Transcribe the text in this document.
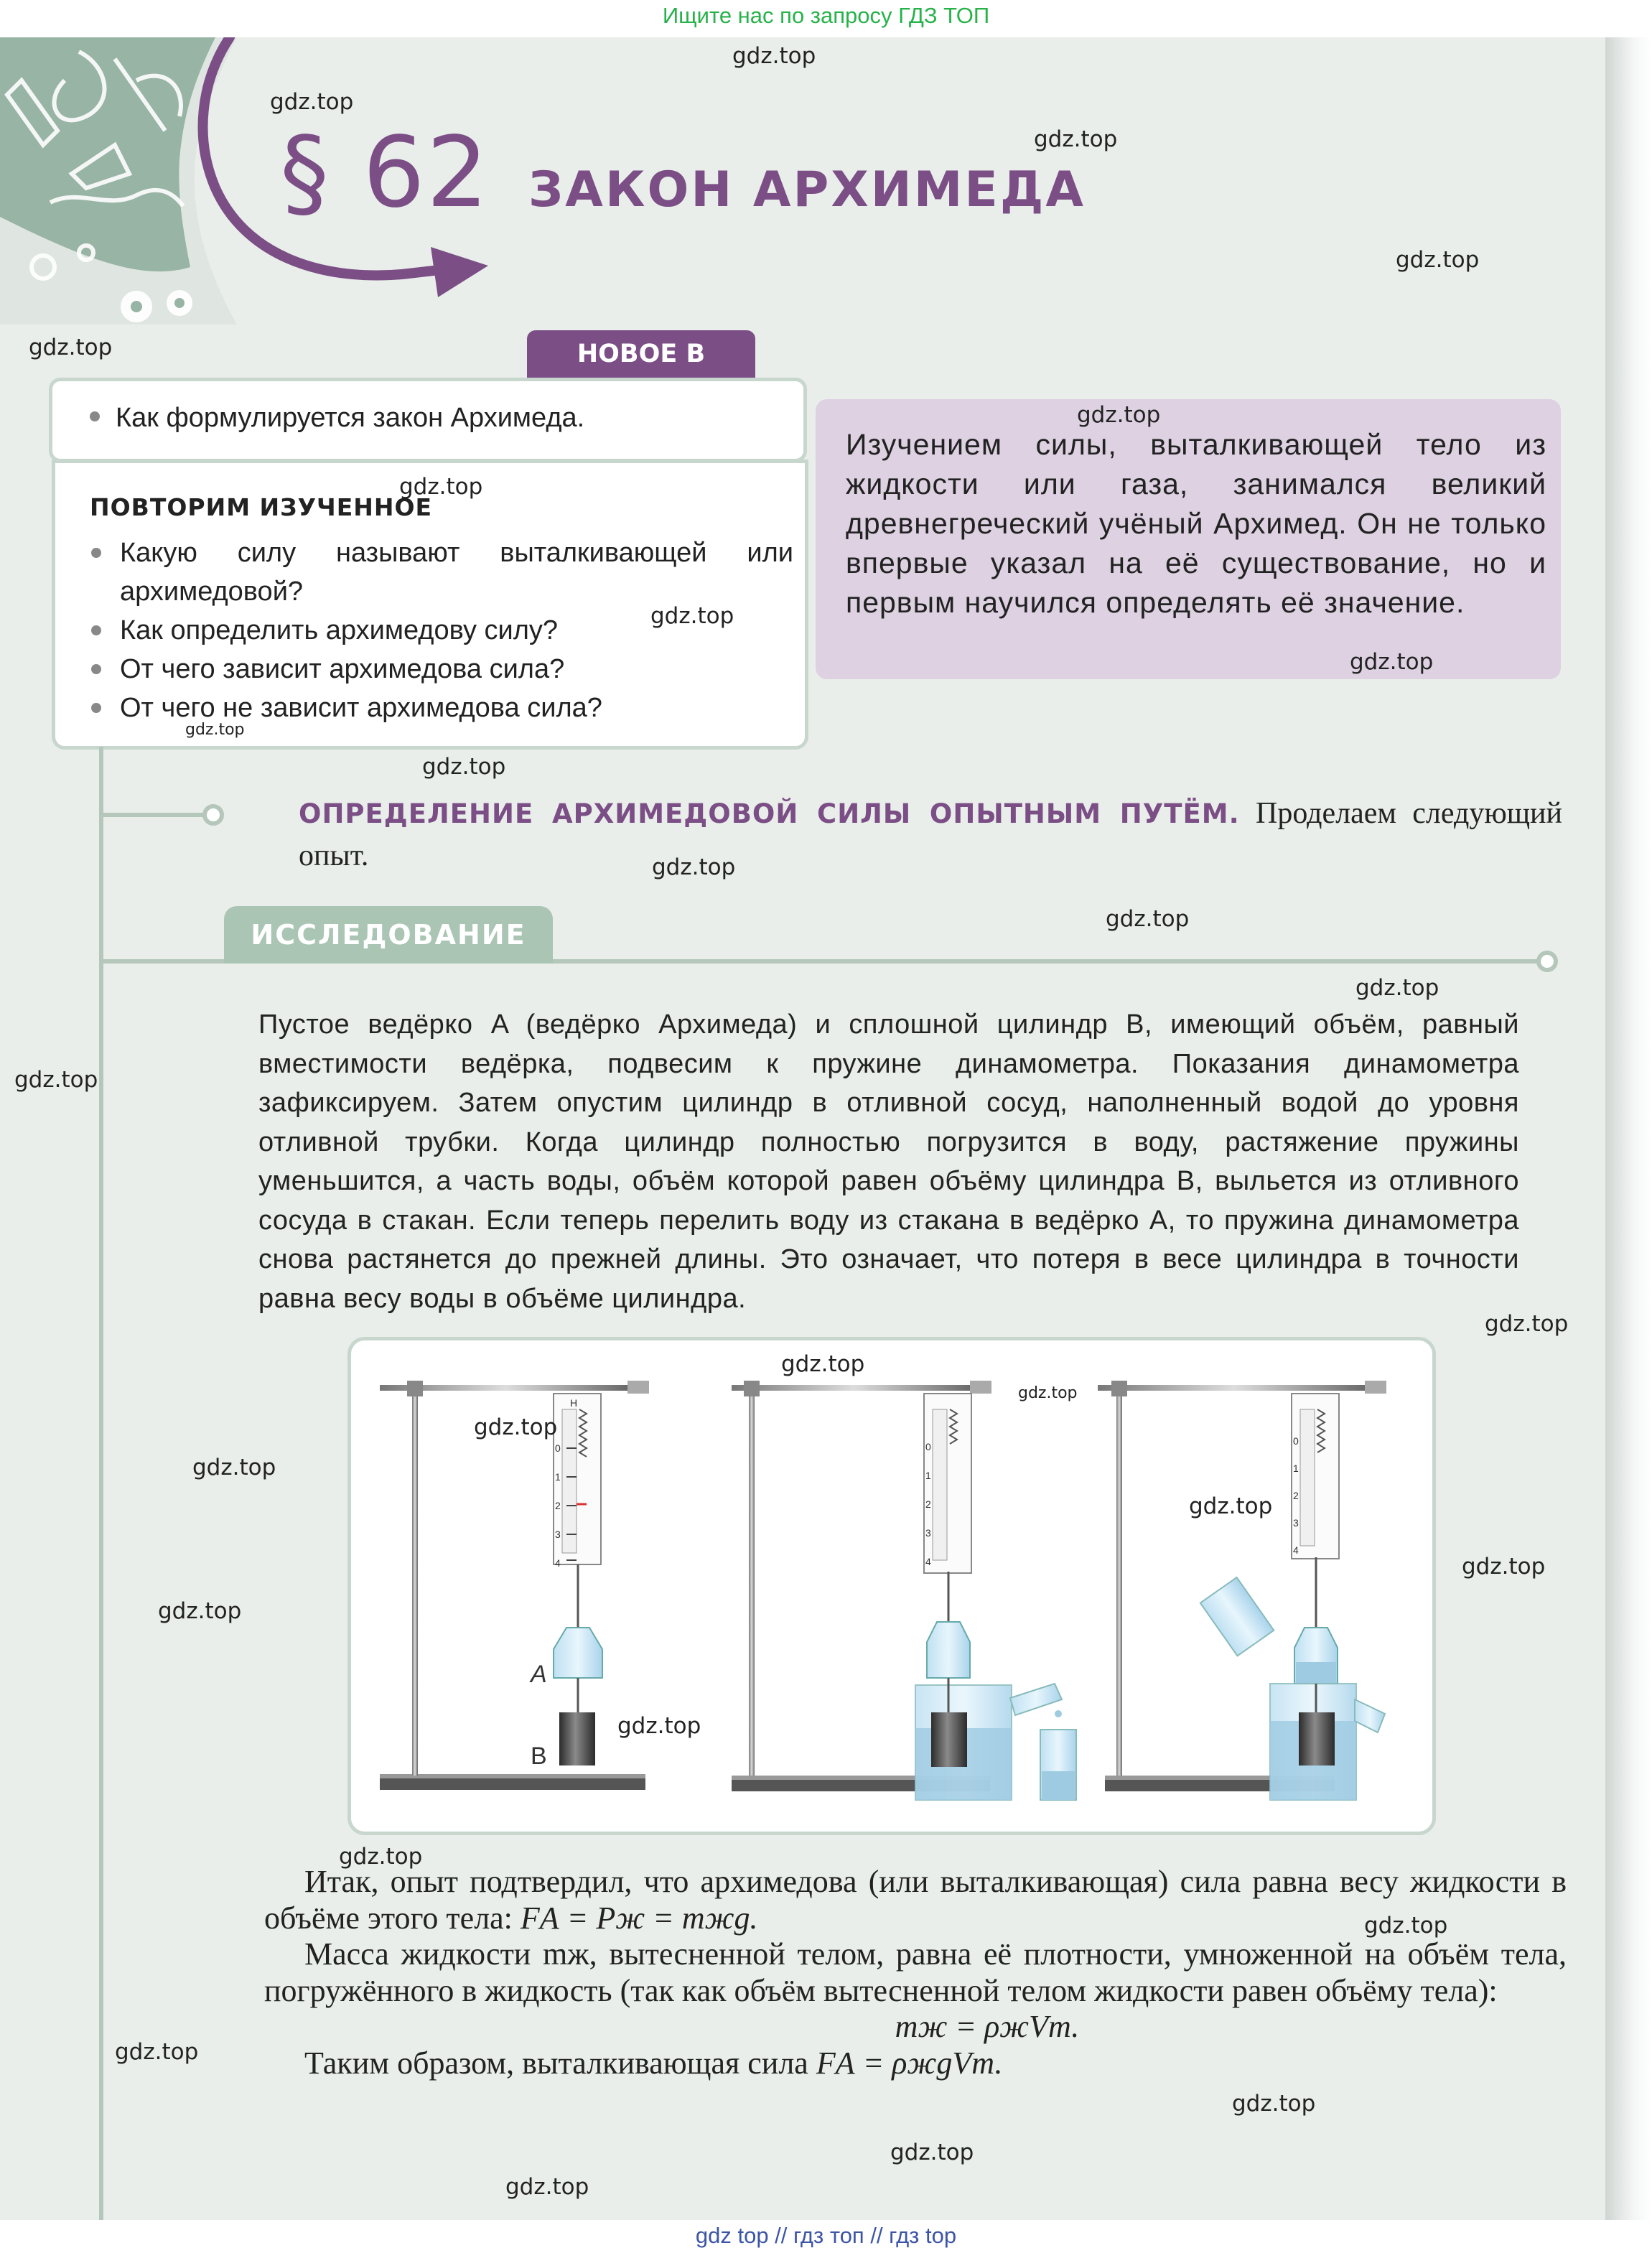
Ищите нас по запросу ГДЗ ТОП
§ 62 ЗАКОН АРХИМЕДА
НОВОЕ В
Как формулируется закон Архимеда.
ПОВТОРИМ ИЗУЧЕННОЕ
Какую силу называют выталкивающей или архимедовой?
Как определить архимедову силу?
От чего зависит архимедова сила?
От чего не зависит архимедова сила?

Изучением силы, выталкивающей тело из жидкости или газа, занимался великий древнегреческий учёный Архимед. Он не только впервые указал на её существование, но и первым научился определять её значение.

ОПРЕДЕЛЕНИЕ АРХИМЕДОВОЙ СИЛЫ ОПЫТНЫМ ПУТЁМ. Проделаем следующий опыт.

ИССЛЕДОВАНИЕ

Пустое ведёрко A (ведёрко Архимеда) и сплошной цилиндр B, имеющий объём, равный вместимости ведёрка, подвесим к пружине динамометра. Показания динамометра зафиксируем. Затем опустим цилиндр в отливной сосуд, наполненный водой до уровня отливной трубки. Когда цилиндр полностью погрузится в воду, растяжение пружины уменьшится, а часть воды, объём которой равен объёму цилиндра B, выльется из отливного сосуда в стакан. Если теперь перелить воду из стакана в ведёрко A, то пружина динамометра снова растянется до прежней длины. Это означает, что потеря в весе цилиндра в точности равна весу воды в объёме цилиндра.

A
B
Н
0
1
2
3
4
0
1
2
3
4
0
1
2
3
4

Итак, опыт подтвердил, что архимедова (или выталкивающая) сила равна весу жидкости в объёме этого тела: FА = Pж = mжg.

Масса жидкости mж, вытесненной телом, равна её плотности, умноженной на объём тела, погружённого в жидкость (так как объём вытесненной телом жидкости равен объёму тела):

mж = ρжVт.

Таким образом, выталкивающая сила FА = ρжgVт.

gdz.top
gdz.top
gdz.top
gdz.top
gdz.top
gdz.top
gdz.top
gdz.top
gdz.top
gdz.top
gdz.top
gdz.top
gdz.top
gdz.top
gdz.top
gdz.top
gdz.top
gdz.top
gdz.top
gdz.top
gdz.top
gdz.top
gdz.top
gdz.top
gdz.top
gdz.top
gdz.top
gdz.top
gdz.top
gdz.top
gdz top // гдз топ // гдз top
